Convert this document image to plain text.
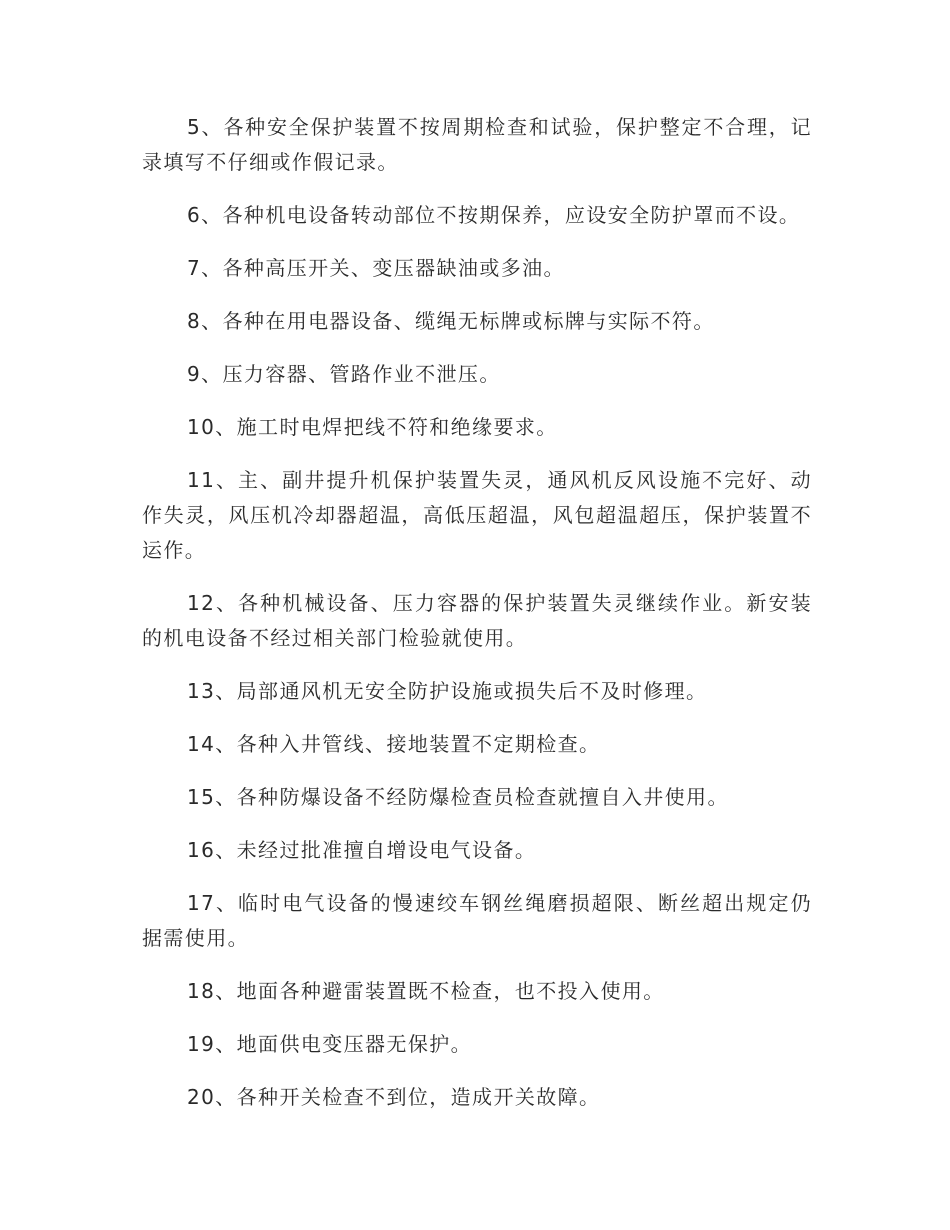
5、各种安全保护装置不按周期检查和试验，保护整定不合理，记录填写不仔细或作假记录。

6、各种机电设备转动部位不按期保养，应设安全防护罩而不设。

7、各种高压开关、变压器缺油或多油。

8、各种在用电器设备、缆绳无标牌或标牌与实际不符。

9、压力容器、管路作业不泄压。

10、施工时电焊把线不符和绝缘要求。

11、主、副井提升机保护装置失灵，通风机反风设施不完好、动作失灵，风压机冷却器超温，高低压超温，风包超温超压，保护装置不运作。

12、各种机械设备、压力容器的保护装置失灵继续作业。新安装的机电设备不经过相关部门检验就使用。

13、局部通风机无安全防护设施或损失后不及时修理。

14、各种入井管线、接地装置不定期检查。

15、各种防爆设备不经防爆检查员检查就擅自入井使用。

16、未经过批准擅自增设电气设备。

17、临时电气设备的慢速绞车钢丝绳磨损超限、断丝超出规定仍据需使用。

18、地面各种避雷装置既不检查，也不投入使用。

19、地面供电变压器无保护。

20、各种开关检查不到位，造成开关故障。
